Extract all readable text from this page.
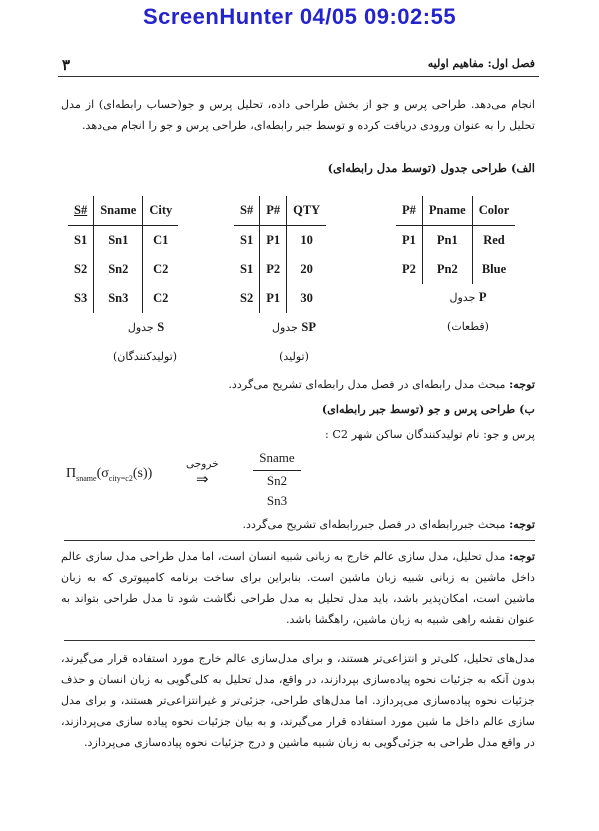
ScreenHunter 04/05 09:02:55
۳	فصل اول: مفاهیم اولیه
انجام می‌دهد. طراحی پرس و جو از بخش طراحی داده، تحلیل پرس و جو(حساب رابطه‌ای) از مدل تحلیل را به عنوان ورودی دریافت کرده و توسط جبر رابطه‌ای، طراحی پرس و جو را انجام می‌دهد.
الف) طراحی جدول (توسط مدل رابطه‌ای)
S#	Sname	City
S1	Sn1	C1
S2	Sn2	C2
S3	Sn3	C2
S#	P#	QTY
S1	P1	10
S1	P2	20
S2	P1	30
P#	Pname	Color
P1	Pn1	Red
P2	Pn2	Blue
S جدول
(تولیدکنندگان)
SP جدول
(تولید)
P جدول
(قطعات)
توجه: مبحث مدل رابطه‌ای در فصل مدل رابطه‌ای تشریح می‌گردد.
ب) طراحی پرس و جو (توسط جبر رابطه‌ای)
پرس و جو: نام تولیدکنندگان ساکن شهر C2 :
$\Pi_{sname}(\sigma_{city=c2}(s))$
خروجی
⇒
Sname
Sn2
Sn3
توجه: مبحث جبررابطه‌ای در فصل جبررابطه‌ای تشریح می‌گردد.
توجه: مدل تحلیل، مدل سازی عالم خارج به زبانی شبیه انسان است، اما مدل طراحی مدل سازی عالم داخل ماشین به زبانی شبیه زبان ماشین است. بنابراین برای ساخت برنامه کامپیوتری که به زبان ماشین است، امکان‌پذیر باشد، باید مدل تحلیل به مدل طراحی نگاشت شود تا مدل طراحی بتواند به عنوان نقشه راهی شبیه به زبان ماشین، راهگشا باشد.
مدل‌های تحلیل، کلی‌تر و انتزاعی‌تر هستند، و برای مدل‌سازی عالم خارج مورد استفاده قرار می‌گیرند، بدون آنکه به جزئیات نحوه پیاده‌سازی بپردازند، در واقع، مدل تحلیل به کلی‌گویی به زبان انسان و حذف جزئیات نحوه پیاده‌سازی می‌پردازد. اما مدل‌های طراحی، جزئی‌تر و غیرانتزاعی‌تر هستند، و برای مدل سازی عالم داخل ما شین مورد استفاده قرار می‌گیرند، و به بیان جزئیات نحوه پیاده سازی می‌پردازند، در واقع مدل طراحی به جزئی‌گویی به زبان شبیه ماشین و درج جزئیات نحوه پیاده‌سازی می‌پردازد.
